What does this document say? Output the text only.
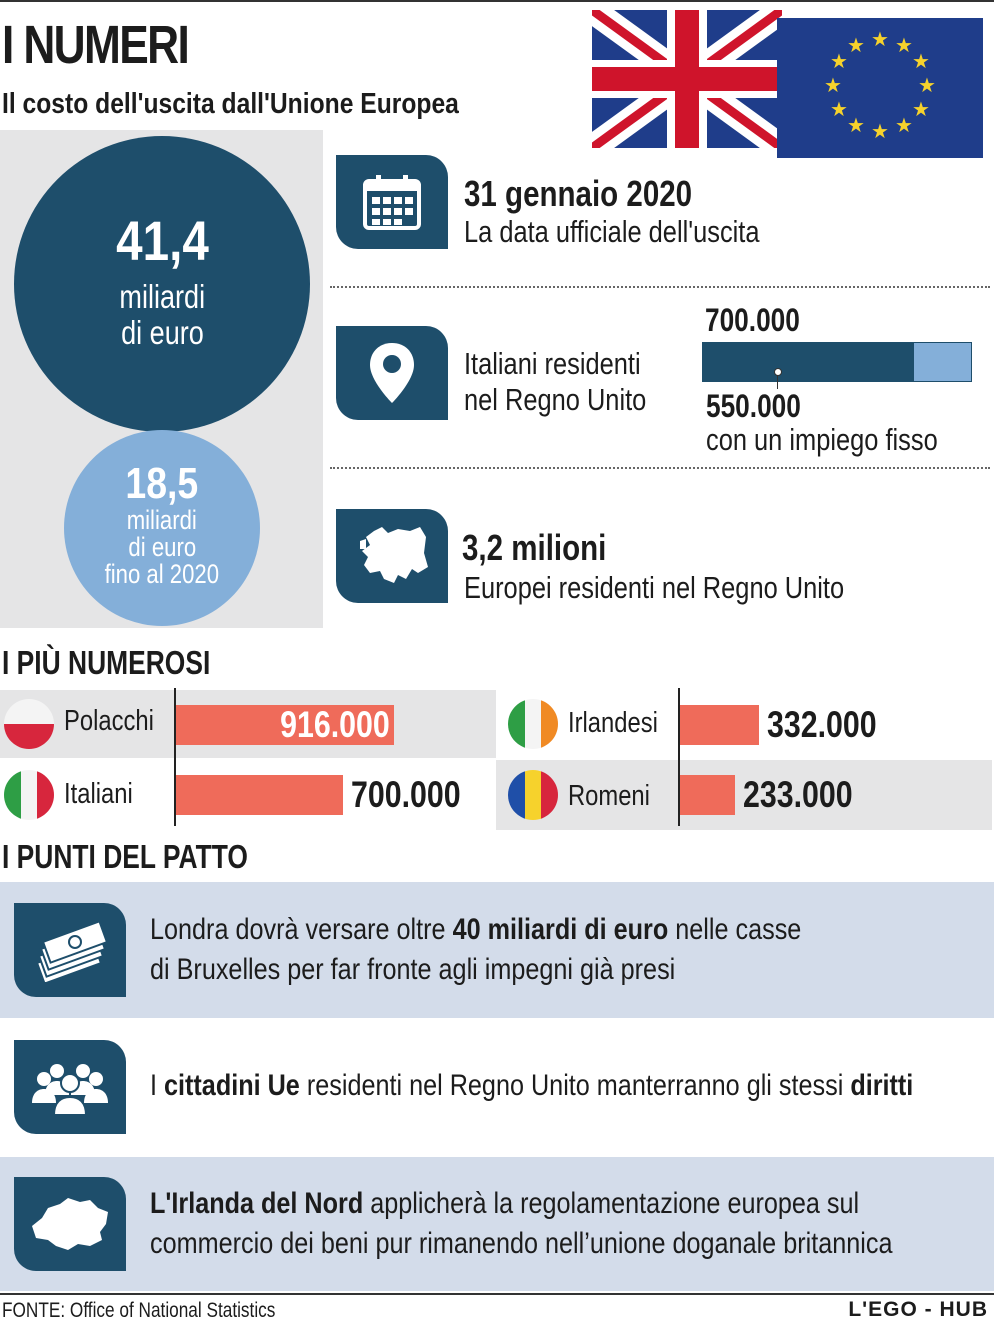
I NUMERI
Il costo dell'uscita dall'Unione Europea
★ ★
★
★
★
★
★
★
★
★
★
★
41,4
miliardi
di euro
18,5
miliardi
di euro
fino al 2020
31 gennaio 2020
La data ufficiale dell'uscita
Italiani residenti
nel Regno Unito
700.000
550.000
con un impiego fisso
3,2 milioni
Europei residenti nel Regno Unito
I PIÙ NUMEROSI
Polacchi
Italiani
Irlandesi
Romeni
916.000
700.000
332.000
233.000
I PUNTI DEL PATTO
Londra dovrà versare oltre 40 miliardi di euro nelle casse
di Bruxelles per far fronte agli impegni già presi
I cittadini Ue residenti nel Regno Unito manterranno gli stessi diritti
L'Irlanda del Nord applicherà la regolamentazione europea sul
commercio dei beni pur rimanendo nell’unione doganale britannica
FONTE: Office of National Statistics	L'EGO - HUB
